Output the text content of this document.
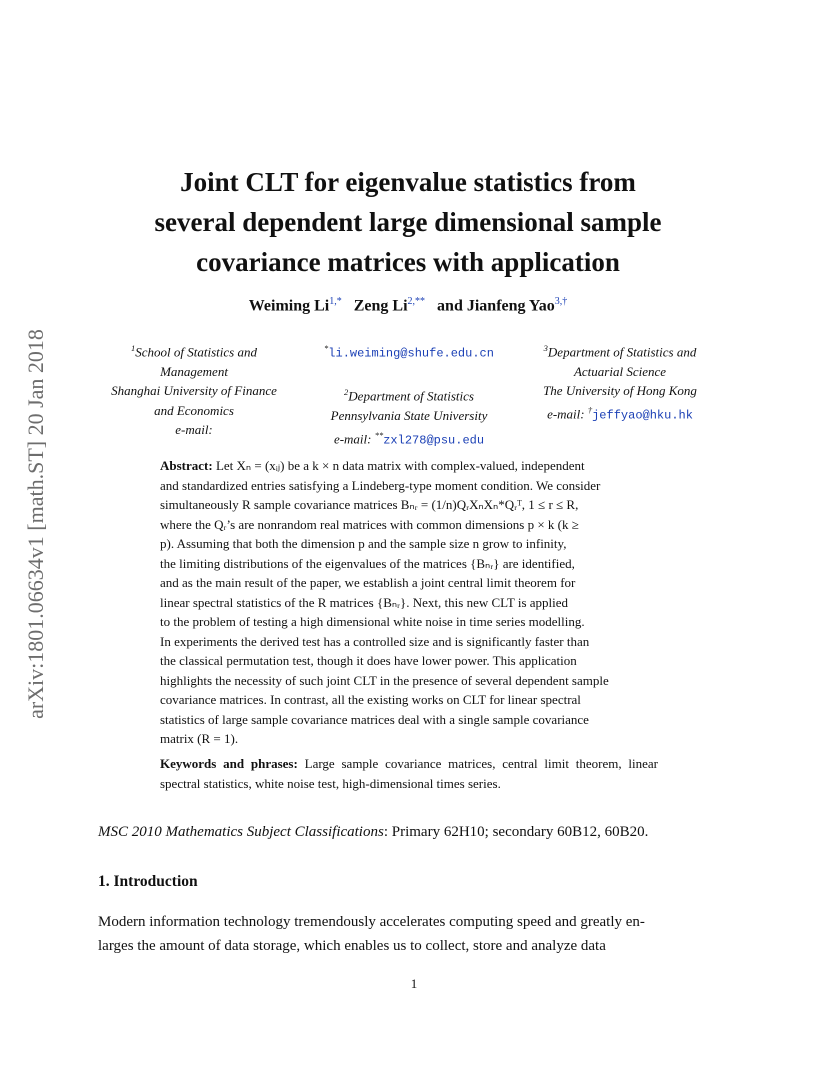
arXiv:1801.06634v1 [math.ST] 20 Jan 2018
Joint CLT for eigenvalue statistics from
several dependent large dimensional sample
covariance matrices with application
Weiming $Li^{1,*}$ Zeng $Li^{2,**}$ and Jianfeng Yao$^{3,\dagger}$
$^1$School of Statistics and
Management
Shanghai University of Finance
and Economics
e-mail:
*li.weiming@shufe.edu.cn

$^2$Department of Statistics
Pennsylvania State University
e-mail: **zxl278@psu.edu
$^3$Department of Statistics and
Actuarial Science
The University of Hong Kong
e-mail: †jeffyao@hku.hk
Abstract: Let Xₙ = (xᵢⱼ) be a k × n data matrix with complex-valued, independent
and standardized entries satisfying a Lindeberg-type moment condition. We consider
simultaneously R sample covariance matrices Bₙᵣ = (1/n)QᵣXₙXₙ*Qᵣᵀ, 1 ≤ r ≤ R,
where the Qᵣ’s are nonrandom real matrices with common dimensions p × k (k ≥
p). Assuming that both the dimension p and the sample size n grow to infinity,
the limiting distributions of the eigenvalues of the matrices {Bₙᵣ} are identified,
and as the main result of the paper, we establish a joint central limit theorem for
linear spectral statistics of the R matrices {Bₙᵣ}. Next, this new CLT is applied
to the problem of testing a high dimensional white noise in time series modelling.
In experiments the derived test has a controlled size and is significantly faster than
the classical permutation test, though it does have lower power. This application
highlights the necessity of such joint CLT in the presence of several dependent sample
covariance matrices. In contrast, all the existing works on CLT for linear spectral
statistics of large sample covariance matrices deal with a single sample covariance
matrix (R = 1).
Keywords and phrases: Large sample covariance matrices, central limit theorem, linear spectral statistics, white noise test, high-dimensional times series.
MSC 2010 Mathematics Subject Classifications: Primary 62H10; secondary 60B12, 60B20.
1. Introduction
Modern information technology tremendously accelerates computing speed and greatly en-
larges the amount of data storage, which enables us to collect, store and analyze data
1
